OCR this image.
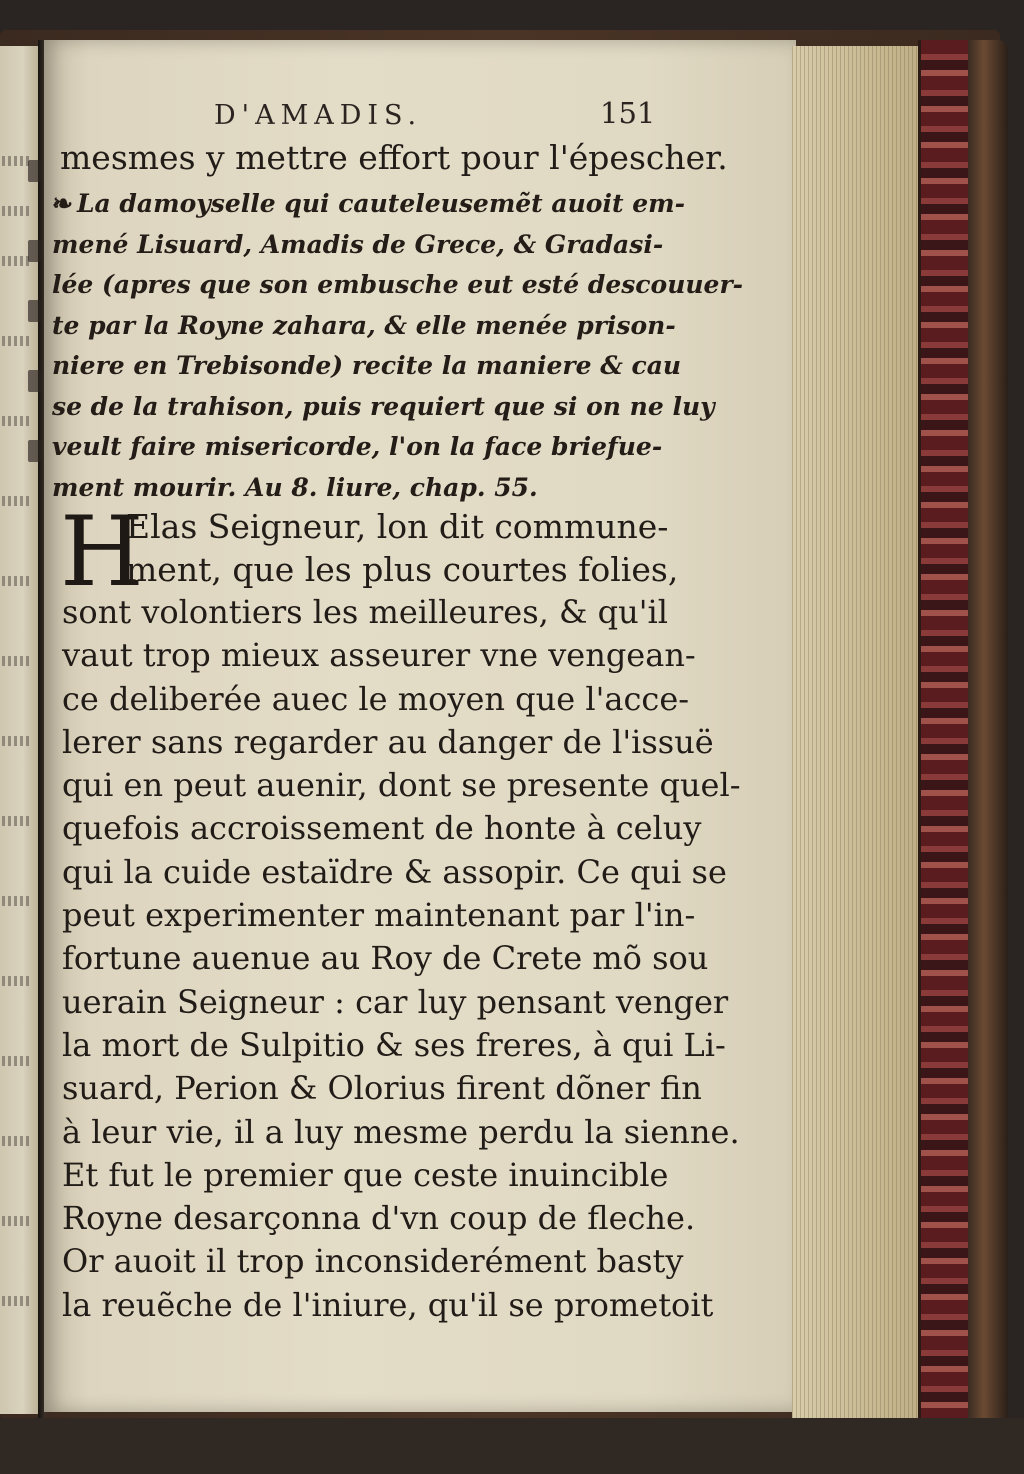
D'AMADIS.	151

mesmes y mettre effort pour l'épescher.

❧ La damoyselle qui cauteleusemẽt auoit em-

mené Lisuard, Amadis de Grece, & Gradasi-

lée (apres que son embusche eut esté descouuer-

te par la Royne zahara, & elle menée prison-

niere en Trebisonde) recite la maniere & cau

se de la trahison, puis requiert que si on ne luy

veult faire misericorde, l'on la face briefue-

ment mourir. Au 8. liure, chap. 55.

H

Elas Seigneur, lon dit commune-

ment, que les plus courtes folies,

sont volontiers les meilleures, & qu'il

vaut trop mieux asseurer vne vengean-

ce deliberée auec le moyen que l'acce-

lerer sans regarder au danger de l'issuë

qui en peut auenir, dont se presente quel-

quefois accroissement de honte à celuy

qui la cuide estaïdre & assopir. Ce qui se

peut experimenter maintenant par l'in-

fortune auenue au Roy de Crete mõ sou

uerain Seigneur : car luy pensant venger

la mort de Sulpitio & ses freres, à qui Li-

suard, Perion & Olorius firent dõner fin

à leur vie, il a luy mesme perdu la sienne.

Et fut le premier que ceste inuincible

Royne desarçonna d'vn coup de fleche.

Or auoit il trop inconsiderément basty

la reuẽche de l'iniure, qu'il se prometoit
